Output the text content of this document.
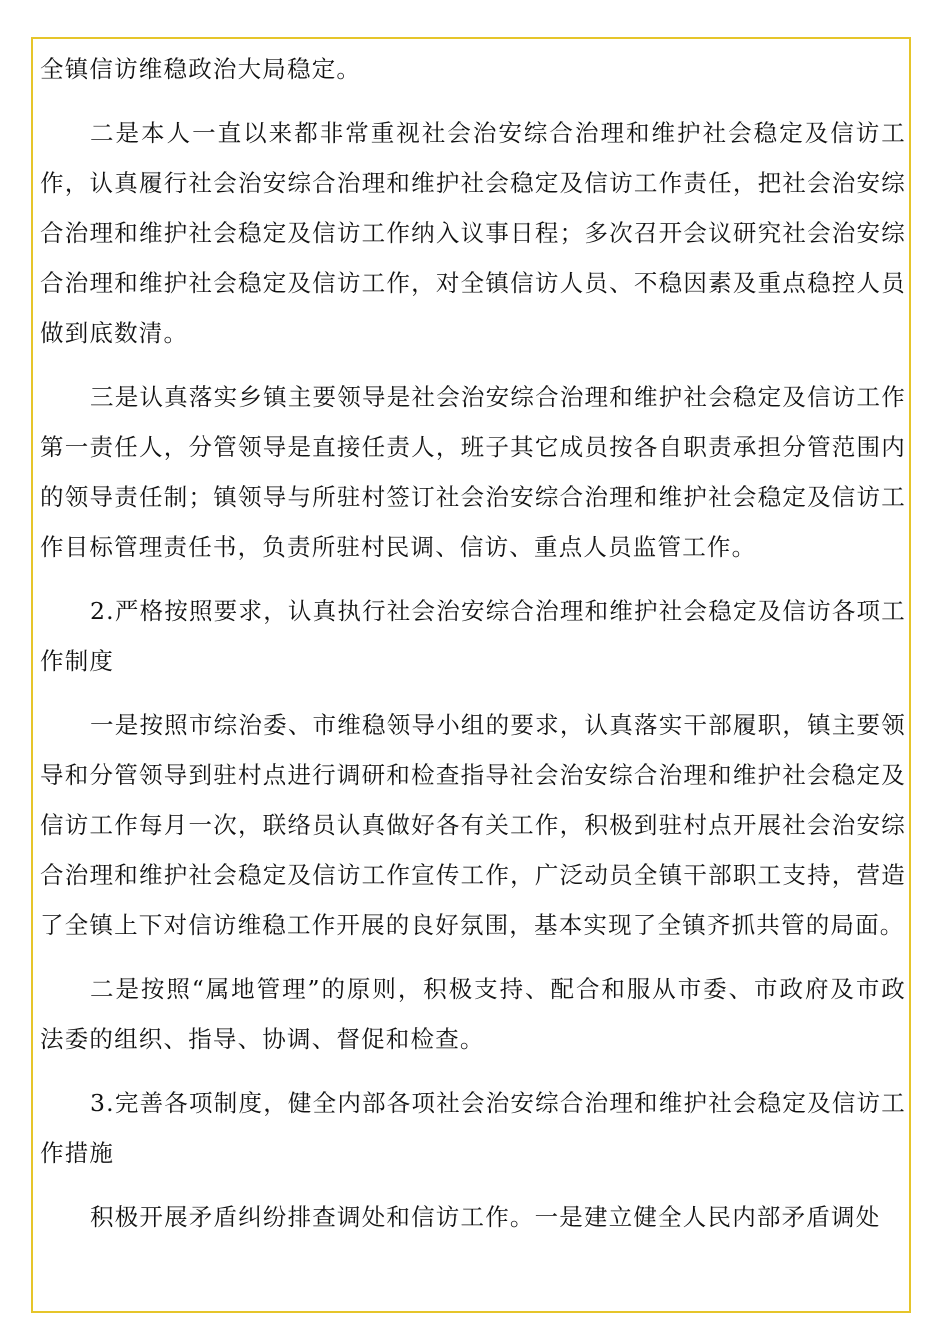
全镇信访维稳政治大局稳定。

二是本人一直以来都非常重视社会治安综合治理和维护社会稳定及信访工作，认真履行社会治安综合治理和维护社会稳定及信访工作责任，把社会治安综合治理和维护社会稳定及信访工作纳入议事日程；多次召开会议研究社会治安综合治理和维护社会稳定及信访工作，对全镇信访人员、不稳因素及重点稳控人员做到底数清。

三是认真落实乡镇主要领导是社会治安综合治理和维护社会稳定及信访工作第一责任人，分管领导是直接任责人，班子其它成员按各自职责承担分管范围内的领导责任制；镇领导与所驻村签订社会治安综合治理和维护社会稳定及信访工作目标管理责任书，负责所驻村民调、信访、重点人员监管工作。

2.严格按照要求，认真执行社会治安综合治理和维护社会稳定及信访各项工作制度

一是按照市综治委、市维稳领导小组的要求，认真落实干部履职，镇主要领导和分管领导到驻村点进行调研和检查指导社会治安综合治理和维护社会稳定及信访工作每月一次，联络员认真做好各有关工作，积极到驻村点开展社会治安综合治理和维护社会稳定及信访工作宣传工作，广泛动员全镇干部职工支持，营造了全镇上下对信访维稳工作开展的良好氛围，基本实现了全镇齐抓共管的局面。

二是按照“属地管理”的原则，积极支持、配合和服从市委、市政府及市政法委的组织、指导、协调、督促和检查。

3.完善各项制度，健全内部各项社会治安综合治理和维护社会稳定及信访工作措施

积极开展矛盾纠纷排查调处和信访工作。一是建立健全人民内部矛盾调处
